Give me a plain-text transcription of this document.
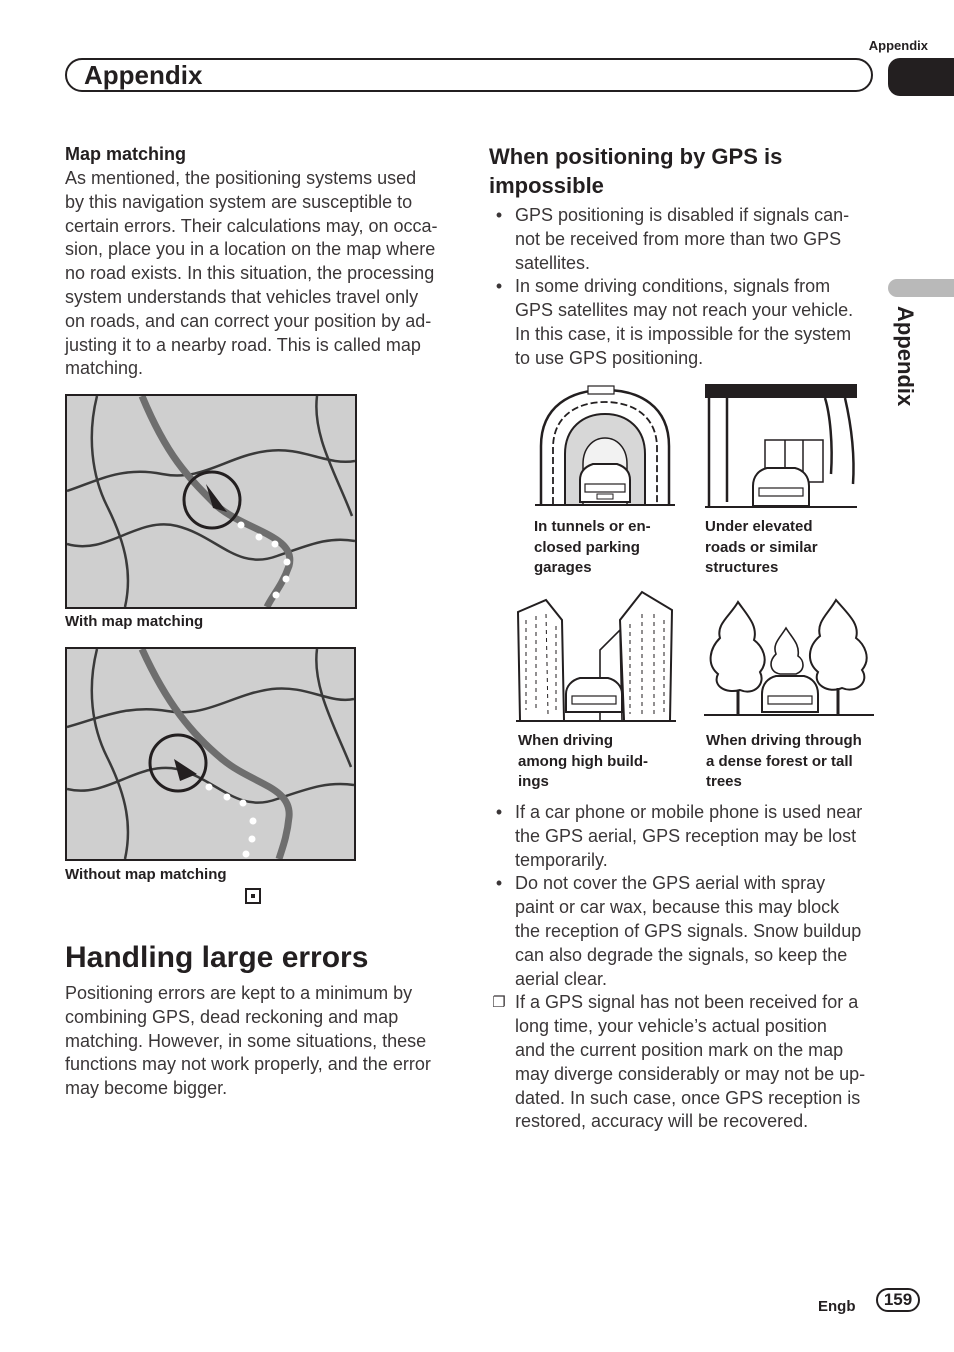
Appendix
Appendix
Appendix
Map matching
As mentioned, the positioning systems used
by this navigation system are susceptible to
certain errors. Their calculations may, on occa-
sion, place you in a location on the map where
no road exists. In this situation, the processing
system understands that vehicles travel only
on roads, and can correct your position by ad-
justing it to a nearby road. This is called map
matching.
With map matching
Without map matching
Handling large errors
Positioning errors are kept to a minimum by
combining GPS, dead reckoning and map
matching. However, in some situations, these
functions may not work properly, and the error
may become bigger.
When positioning by GPS is
impossible
• GPS positioning is disabled if signals can-
not be received from more than two GPS
satellites.
• In some driving conditions, signals from
GPS satellites may not reach your vehicle.
In this case, it is impossible for the system
to use GPS positioning.
In tunnels or en-
closed parking
garages
Under elevated
roads or similar
structures
When driving
among high build-
ings
When driving through
a dense forest or tall
trees
• If a car phone or mobile phone is used near
the GPS aerial, GPS reception may be lost
temporarily.
• Do not cover the GPS aerial with spray
paint or car wax, because this may block
the reception of GPS signals. Snow buildup
can also degrade the signals, so keep the
aerial clear.
❐ If a GPS signal has not been received for a
long time, your vehicle’s actual position
and the current position mark on the map
may diverge considerably or may not be up-
dated. In such case, once GPS reception is
restored, accuracy will be recovered.
Engb	159
